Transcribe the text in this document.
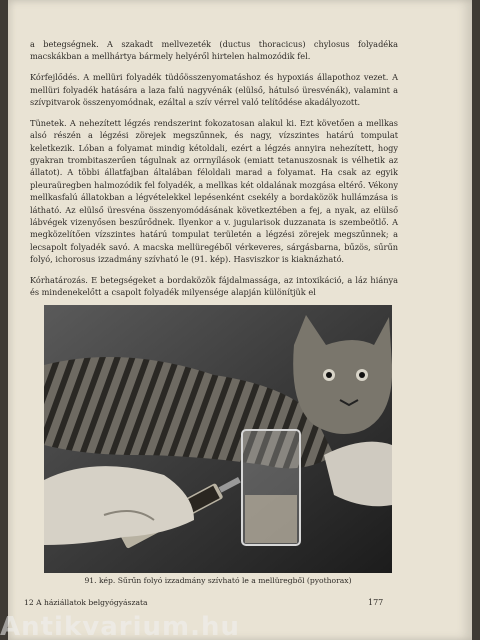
a betegségnek. A szakadt mellvezeték (ductus thoracicus) chylosus folyadéka macskákban a mellhártya bármely helyéről hirtelen halmozódik fel.

Kórfejlődés. A mellüri folyadék tüdőösszenyomatáshoz és hypoxiás állapothoz vezet. A mellüri folyadék hatására a laza falú nagyvénák (elülső, hátulsó üresvénák), valamint a szívpitvarok összenyomódnak, ezáltal a szív vérrel való telítődése akadályozott.

Tünetek. A nehezített légzés rendszerint fokozatosan alakul ki. Ezt követően a mellkas alsó részén a légzési zörejek megszűnnek, és nagy, vízszintes határú tompulat keletkezik. Lóban a folyamat mindig kétoldali, ezért a légzés annyira nehezített, hogy gyakran trombitaszerűen tágulnak az orrnyílások (emiatt tetanuszosnak is vélhetik az állatot). A többi állatfajban általában féloldali marad a folyamat. Ha csak az egyik pleuraüregben halmozódik fel folyadék, a mellkas két oldalának mozgása eltérő. Vékony mellkasfalú állatokban a légvételekkel lepésenként csekély a bordaközök hullámzása is látható. Az elülső üresvéna összenyomódásának következtében a fej, a nyak, az elülső lábvégek vizenyősen beszűrődnek. Ilyenkor a v. jugularisok duzzanata is szembeötlő. A megközelítően vízszintes határú tompulat területén a légzési zörejek megszűnnek; a lecsapolt folyadék savó. A macska mellüregéből vérkeveres, sárgásbarna, bűzös, sűrűn folyó, ichorosus izzadmány szívható le (91. kép). Hasviszkor is kiaknázható.

Kórhatározás. E betegségeket a bordaközök fájdalmassága, az intoxikáció, a láz hiánya és mindenekelőtt a csapolt folyadék milyensége alapján különítjük el

91. kép. Sűrűn folyó izzadmány szívható le a mellüregből (pyothorax)
12 A háziállatok belgyógyászata	177
Antikvarium.hu
